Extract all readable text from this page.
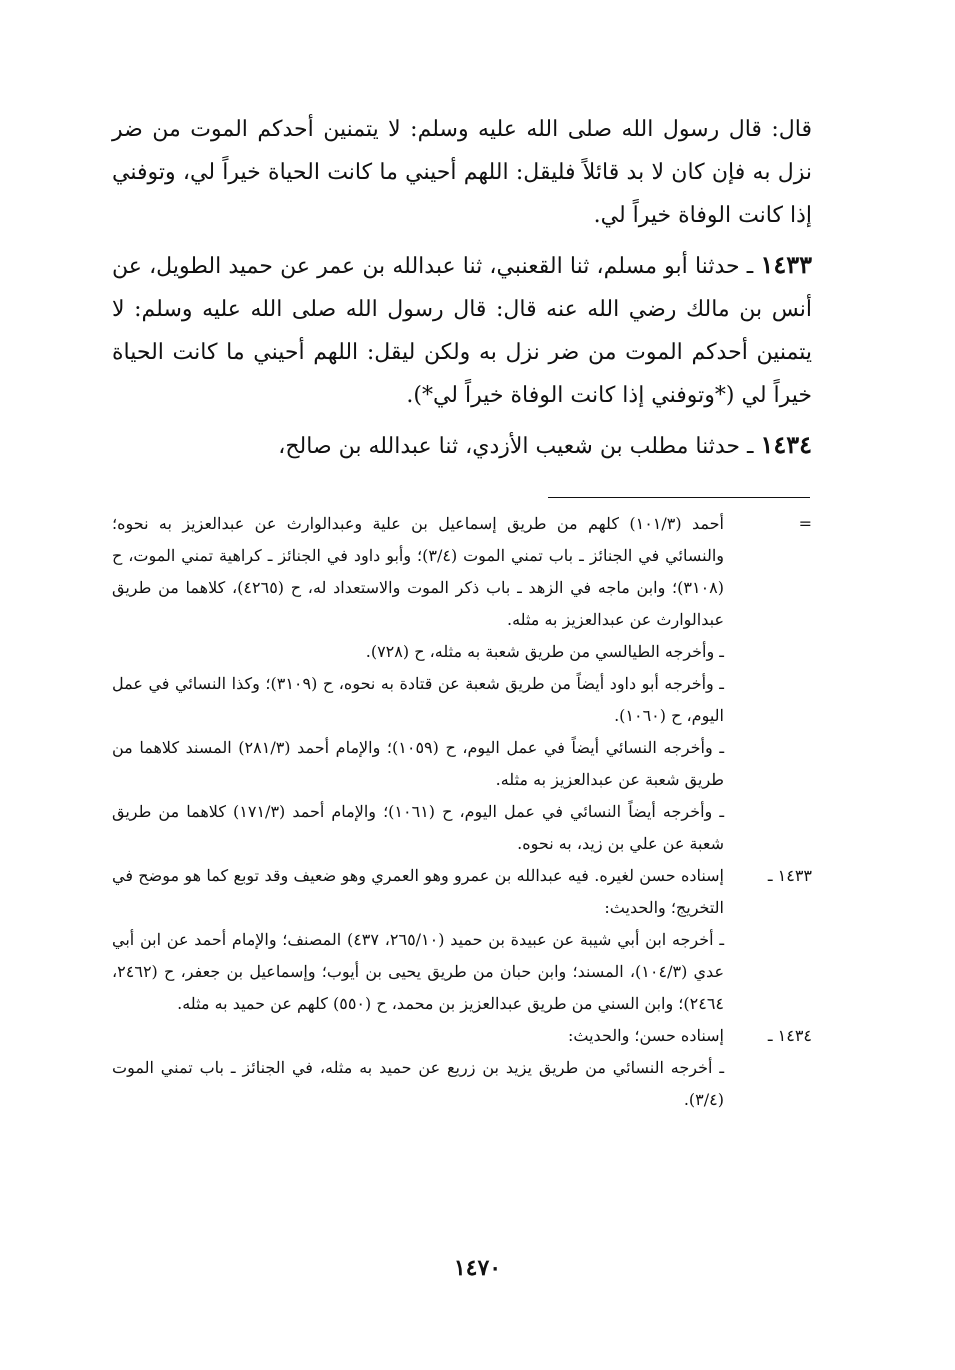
قال: قال رسول الله صلى الله عليه وسلم: لا يتمنين أحدكم الموت من ضر نزل به فإن كان لا بد قائلاً فليقل: اللهم أحيني ما كانت الحياة خيراً لي، وتوفني إذا كانت الوفاة خيراً لي.

١٤٣٣ ـ حدثنا أبو مسلم، ثنا القعنبي، ثنا عبدالله بن عمر عن حميد الطويل، عن أنس بن مالك رضي الله عنه قال: قال رسول الله صلى الله عليه وسلم: لا يتمنين أحدكم الموت من ضر نزل به ولكن ليقل: اللهم أحيني ما كانت الحياة خيراً لي (*وتوفني إذا كانت الوفاة خيراً لي*).

١٤٣٤ ـ حدثنا مطلب بن شعيب الأزدي، ثنا عبدالله بن صالح،

=

أحمد (١٠١/٣) كلهم من طريق إسماعيل بن علية وعبدالوارث عن عبدالعزيز به نحوه؛ والنسائي في الجنائز ـ باب تمني الموت (٣/٤)؛ وأبو داود في الجنائز ـ كراهية تمني الموت، ح (٣١٠٨)؛ وابن ماجه في الزهد ـ باب ذكر الموت والاستعداد له، ح (٤٢٦٥)، كلاهما من طريق عبدالوارث عن عبدالعزيز به مثله.

ـ وأخرجه الطيالسي من طريق شعبة به مثله، ح (٧٢٨).

ـ وأخرجه أبو داود أيضاً من طريق شعبة عن قتادة به نحوه، ح (٣١٠٩)؛ وكذا النسائي في عمل اليوم، ح (١٠٦٠).

ـ وأخرجه النسائي أيضاً في عمل اليوم، ح (١٠٥٩)؛ والإمام أحمد (٢٨١/٣) المسند كلاهما من طريق شعبة عن عبدالعزيز به مثله.

ـ وأخرجه أيضاً النسائي في عمل اليوم، ح (١٠٦١)؛ والإمام أحمد (١٧١/٣) كلاهما من طريق شعبة عن علي بن زيد، به نحوه.

١٤٣٣ ـ

إسناده حسن لغيره. فيه عبدالله بن عمرو وهو العمري وهو ضعيف وقد توبع كما هو موضح في التخريج؛ والحديث:

ـ أخرجه ابن أبي شيبة عن عبيدة بن حميد (٢٦٥/١٠، ٤٣٧) المصنف؛ والإمام أحمد عن ابن أبي عدي (١٠٤/٣)، المسند؛ وابن حبان من طريق يحيى بن أيوب؛ وإسماعيل بن جعفر، ح (٢٤٦٢، ٢٤٦٤)؛ وابن السني من طريق عبدالعزيز بن محمد، ح (٥٥٠) كلهم عن حميد به مثله.

١٤٣٤ ـ

إسناده حسن؛ والحديث:

ـ أخرجه النسائي من طريق يزيد بن زريع عن حميد به مثله، في الجنائز ـ باب تمني الموت (٣/٤).

١٤٧٠
